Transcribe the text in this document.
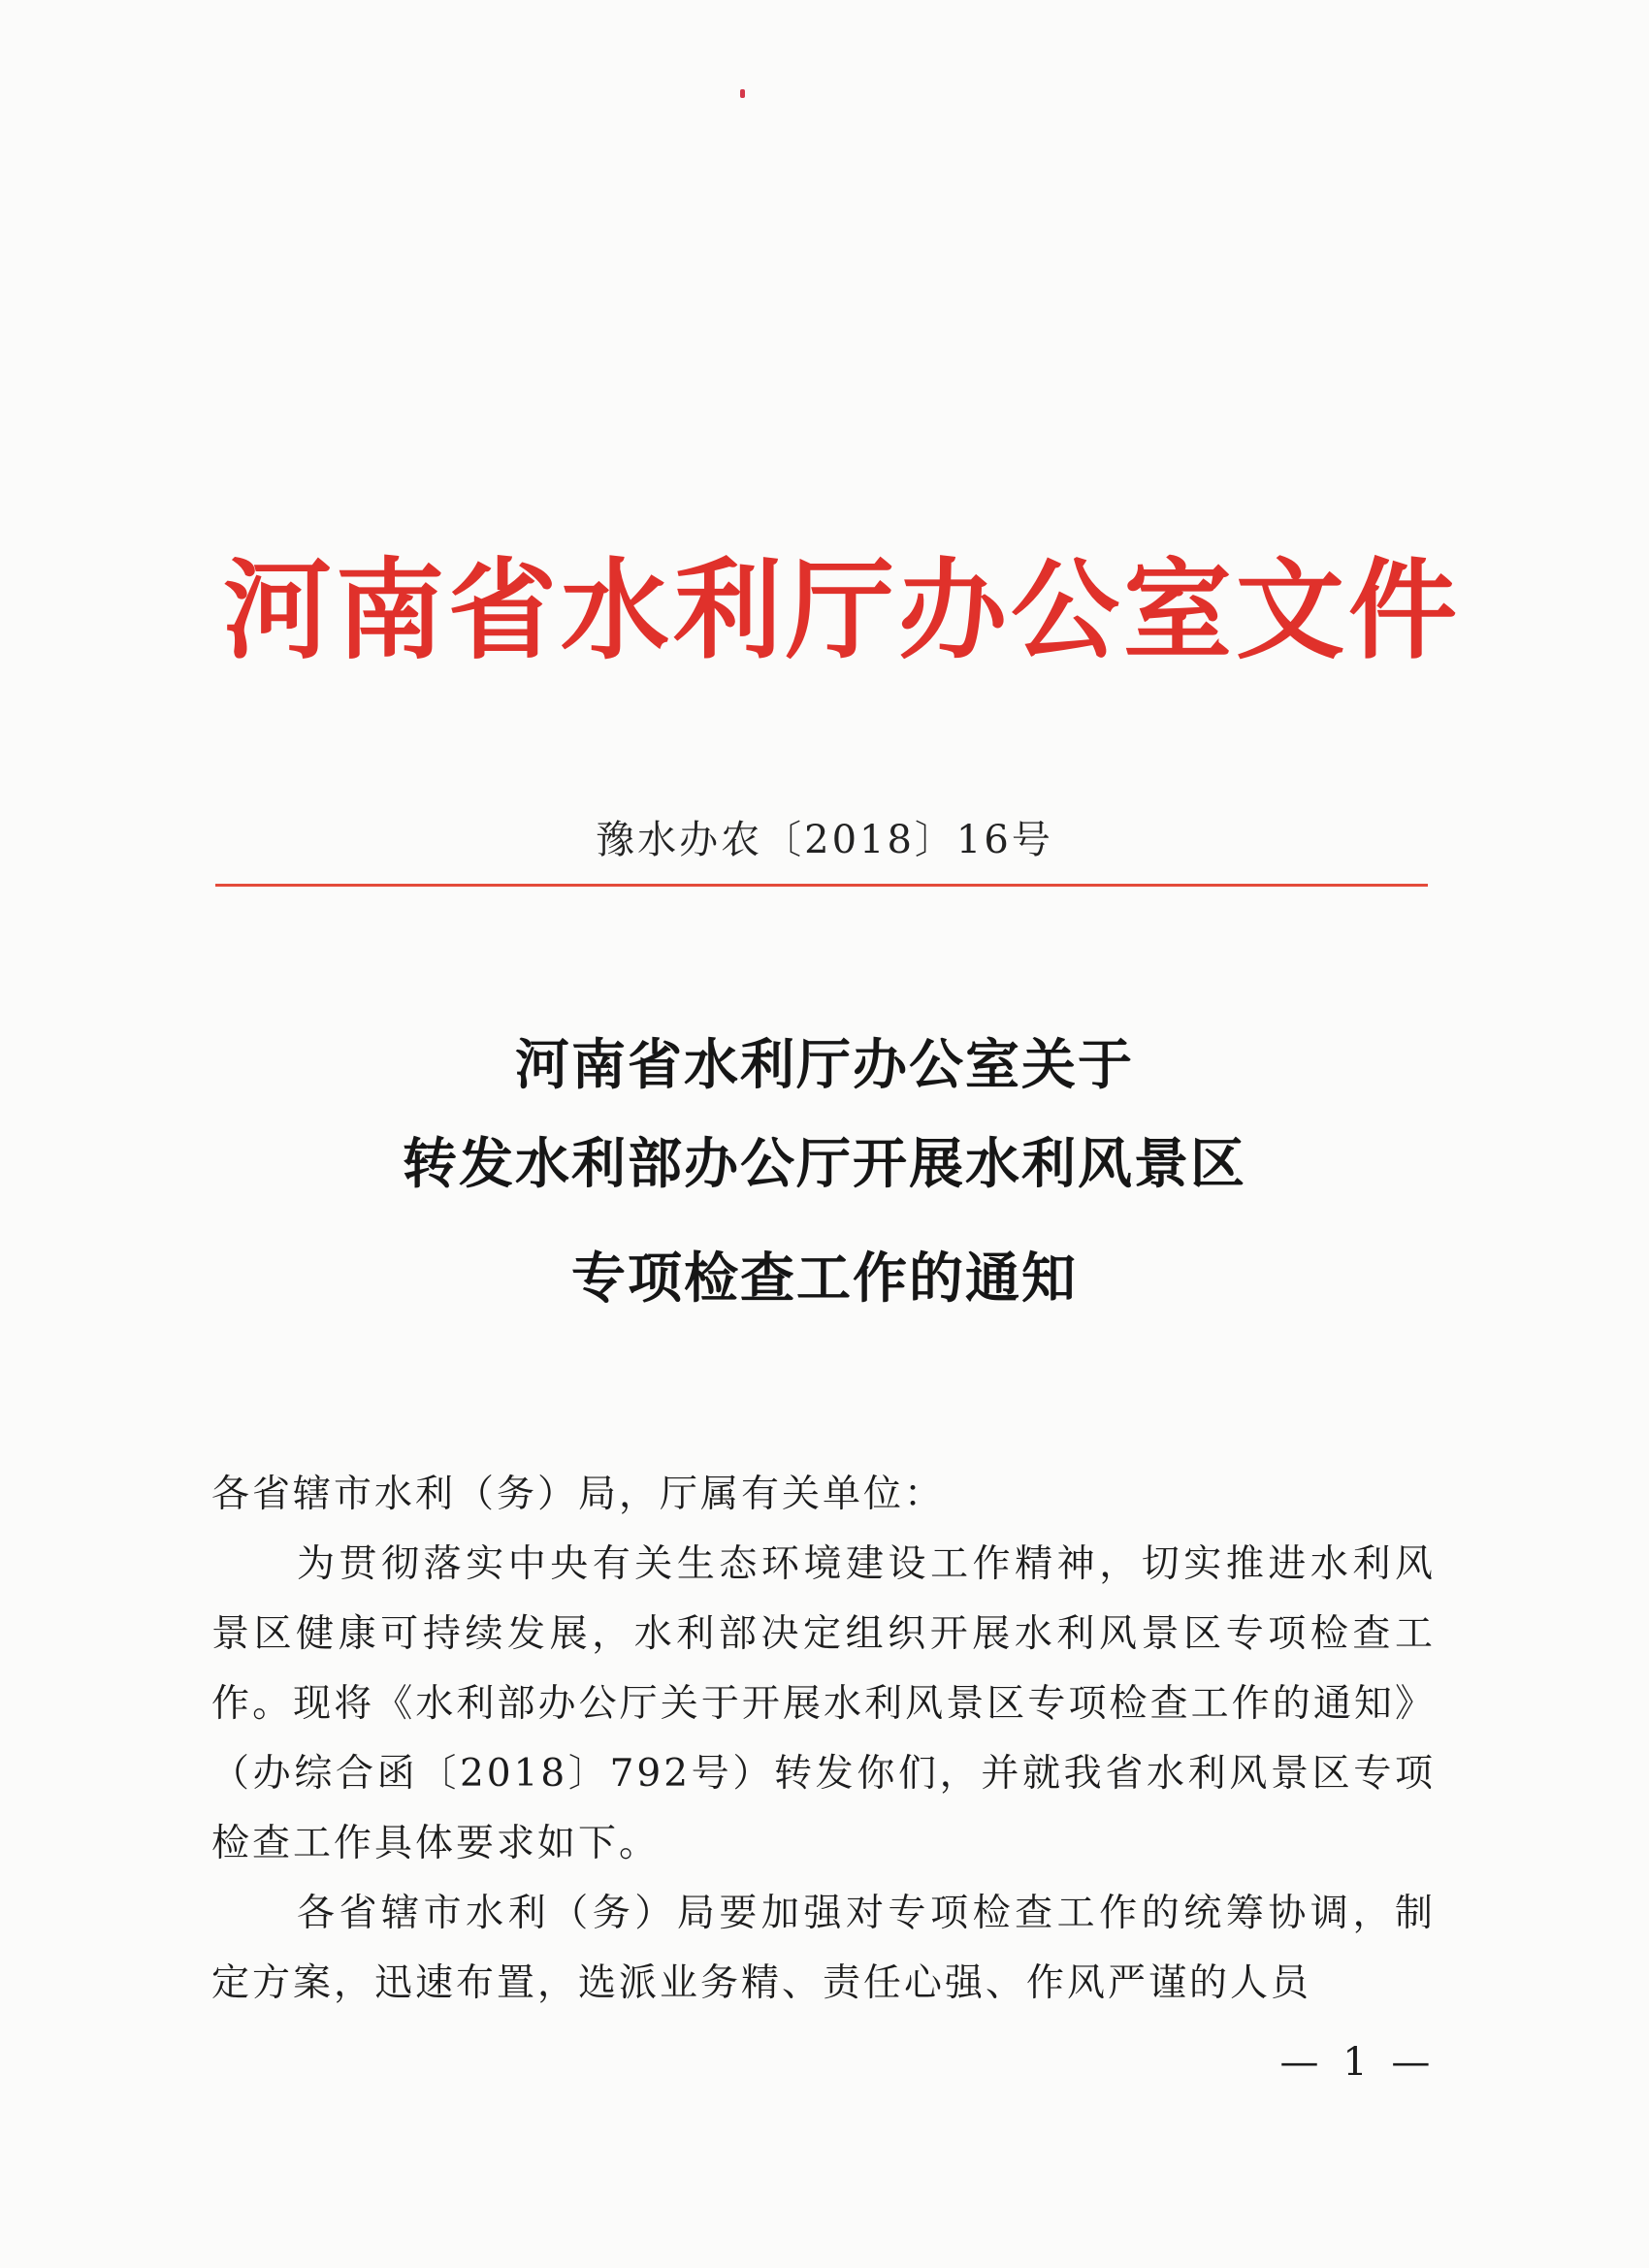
河南省水利厅办公室文件
豫水办农〔2018〕16号
河南省水利厅办公室关于
转发水利部办公厅开展水利风景区
专项检查工作的通知
各省辖市水利（务）局，厅属有关单位：
为贯彻落实中央有关生态环境建设工作精神，切实推进水利风景区健康可持续发展，水利部决定组织开展水利风景区专项检查工作。现将《水利部办公厅关于开展水利风景区专项检查工作的通知》（办综合函〔2018〕792号）转发你们，并就我省水利风景区专项检查工作具体要求如下。
各省辖市水利（务）局要加强对专项检查工作的统筹协调，制定方案，迅速布置，选派业务精、责任心强、作风严谨的人员
— 1 —
